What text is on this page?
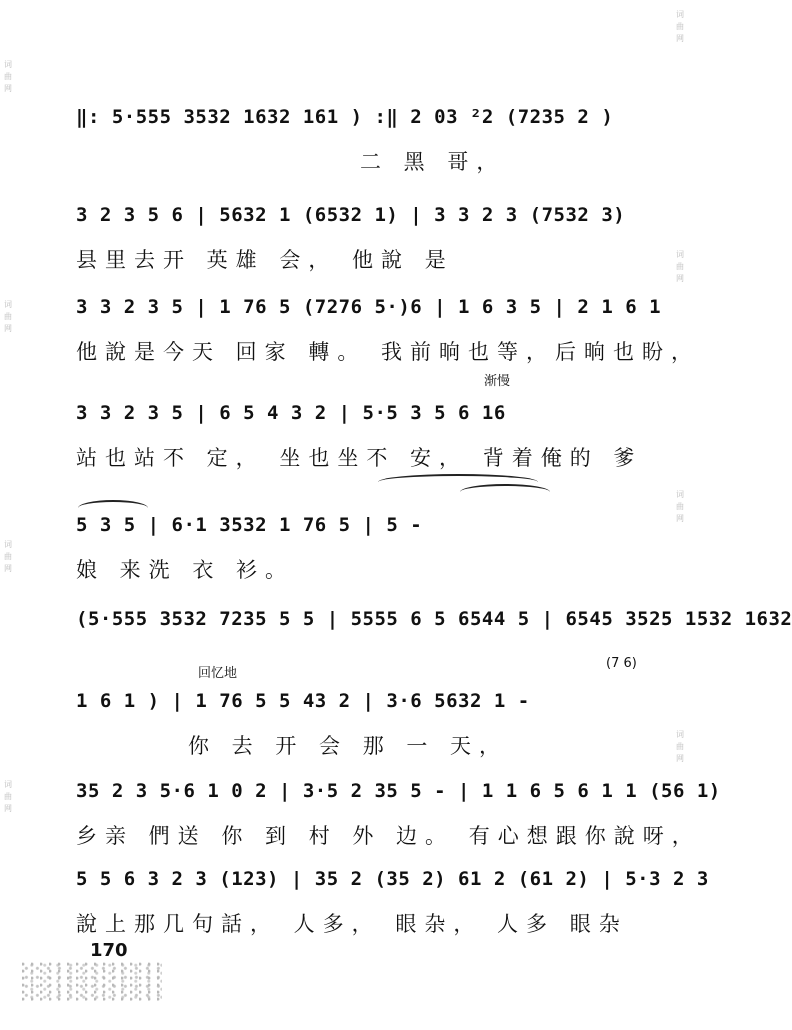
词
曲
网
词
曲
网
词
曲
网
词
曲
网
词
曲
网
词
曲
网
词
曲
网
词
曲
网
渐慢
回忆地
(7 6)
‖: 5·555 3532 1632 161 ) :‖ 2 03 ²2 (7235 2 )
二 黑 哥，
3 2 3 5 6 | 5632 1 (6532 1) | 3 3 2 3 (7532 3)
县里去开 英雄 会， 他說 是
3 3 2 3 5 | 1 76 5 (7276 5·)6 | 1 6 3 5 | 2 1 6 1
他說是今天 回家 轉。 我前晌也等，后晌也盼，
3 3 2 3 5 | 6 5 4 3 2 | 5·5 3 5 6 16
站也站不 定， 坐也坐不 安， 背着俺的 爹
5 3 5 | 6·1 3532 1 76 5 | 5 -
娘 来洗 衣 衫。
(5·555 3532 7235 5 5 | 5555 6 5 6544 5 | 6545 3525 1532 1632
1 6 1 ) | 1 76 5 5 43 2 | 3·6 5632 1 -
你 去 开 会 那 一 天，
35 2 3 5·6 1 0 2 | 3·5 2 35 5 - | 1 1 6 5 6 1 1 (56 1)
乡亲 們送 你 到 村 外 边。 有心想跟你說呀，
5 5 6 3 2 3 (123) | 35 2 (35 2) 61 2 (61 2) | 5·3 2 3
說上那几句話， 人多， 眼杂， 人多 眼杂
170
